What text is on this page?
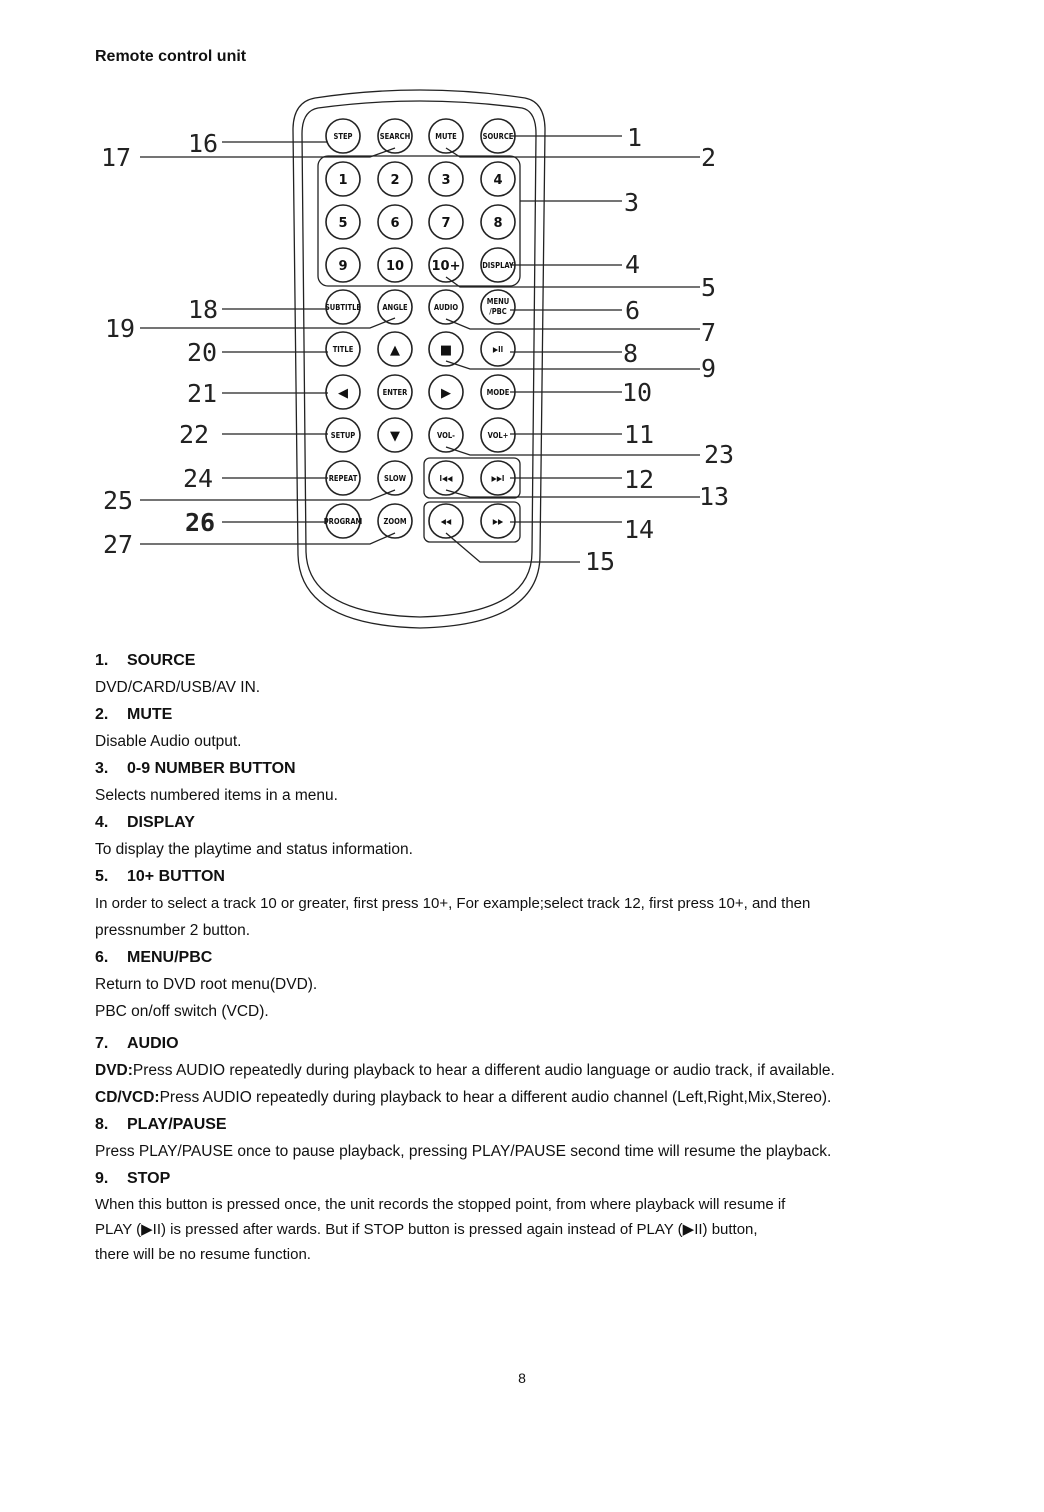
Remote control unit
STEP	SEARCH	MUTE	SOURCE
1	2	3	4
5	6	7	8
9	10 10+	DISPLAY
SUBTITLE	ANGLE	AUDIO
MENU
/PBC
TITLE	▲	■	▶II
◀	ENTER	▶	MODE
SETUP	▼	VOL-	VOL+
REPEAT	SLOW	I◀◀	▶▶I
PROGRAM	ZOOM	◀◀	▶▶
1
2
3
4
5
6
7
8
9
10
11
23
12
13
14
15
16
17
18
19
20
21
22
24
25
26
27
1. SOURCE
DVD/CARD/USB/AV IN.
2. MUTE
Disable Audio output.
3. 0-9 NUMBER BUTTON
Selects numbered items in a menu.
4. DISPLAY
To display the playtime and status information.
5. 10+ BUTTON
In order to select a track 10 or greater, first press 10+, For example;select track 12, first press 10+, and then
pressnumber 2 button.
6. MENU/PBC
Return to DVD root menu(DVD).
PBC on/off switch (VCD).
7. AUDIO
DVD:Press AUDIO repeatedly during playback to hear a different audio language or audio track, if available.
CD/VCD:Press AUDIO repeatedly during playback to hear a different audio channel (Left,Right,Mix,Stereo).
8. PLAY/PAUSE
Press PLAY/PAUSE once to pause playback, pressing PLAY/PAUSE second time will resume the playback.
9. STOP
When this button is pressed once, the unit records the stopped point, from where playback will resume if
PLAY (▶II) is pressed after wards. But if STOP button is pressed again instead of PLAY (▶II) button,
there will be no resume function.
8
